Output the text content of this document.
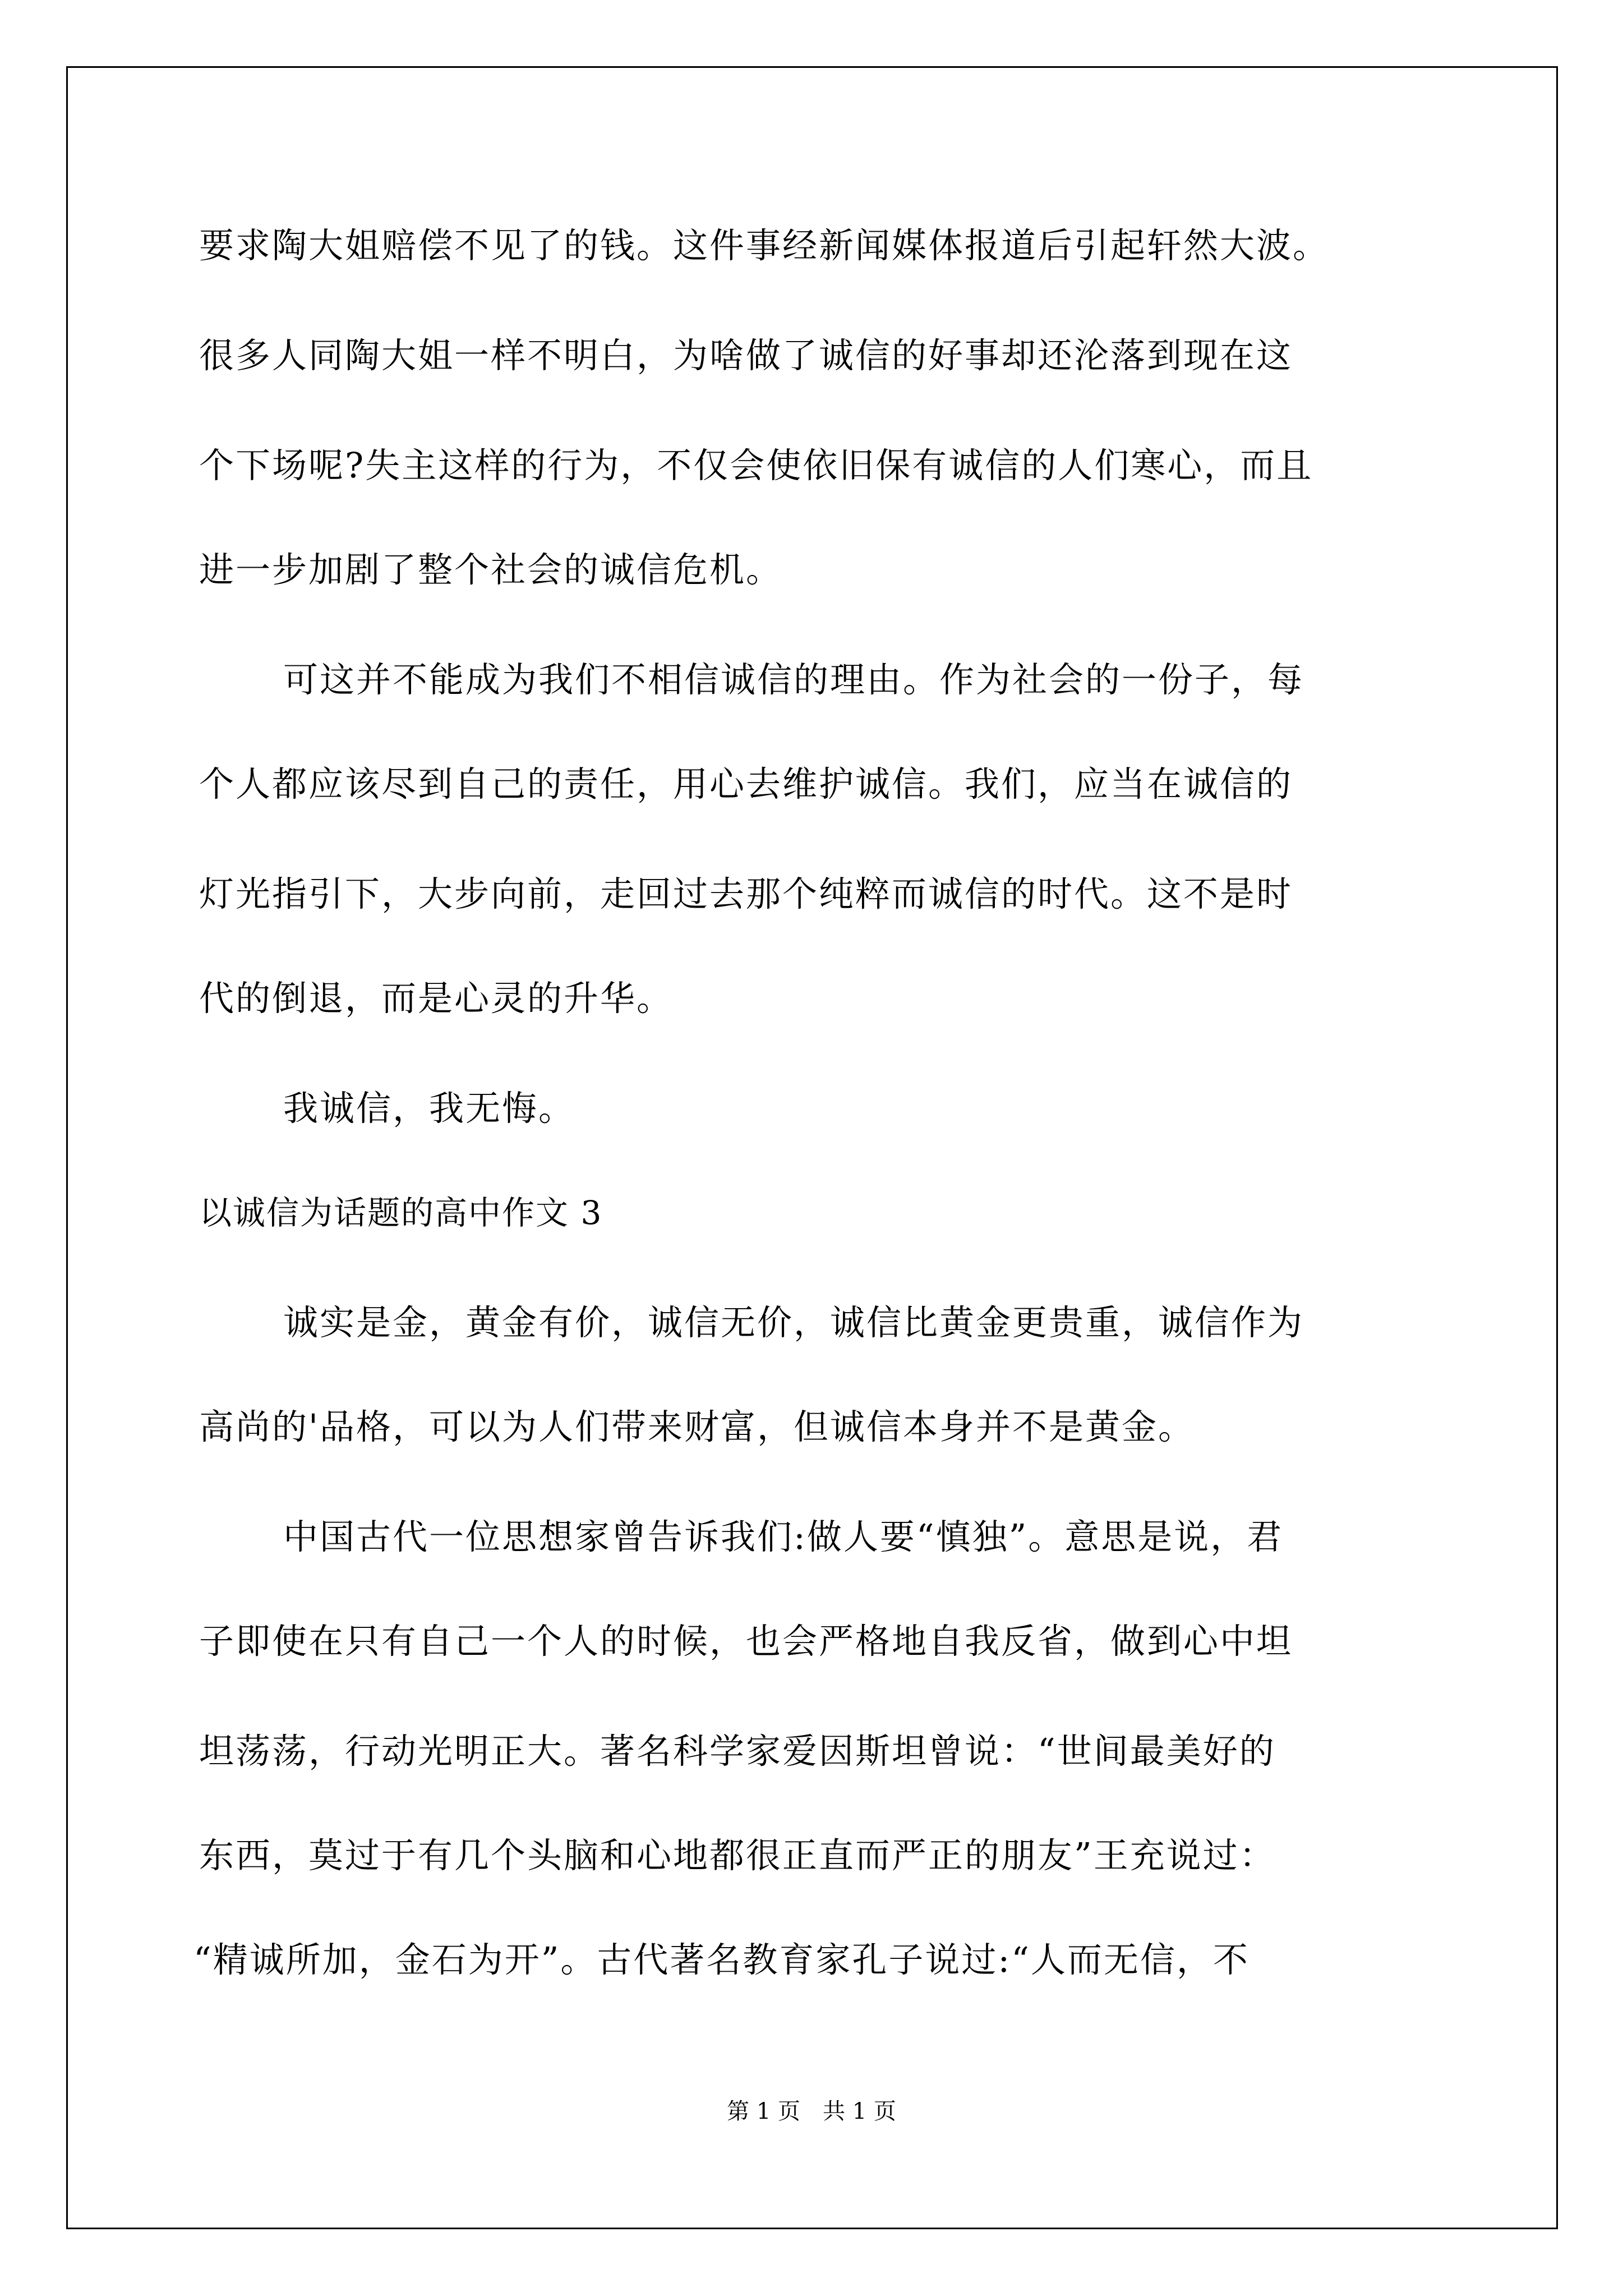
要求陶大姐赔偿不见了的钱。这件事经新闻媒体报道后引起轩然大波。
很多人同陶大姐一样不明白，为啥做了诚信的好事却还沦落到现在这
个下场呢?失主这样的行为，不仅会使依旧保有诚信的人们寒心，而且
进一步加剧了整个社会的诚信危机。
可这并不能成为我们不相信诚信的理由。作为社会的一份子，每
个人都应该尽到自己的责任，用心去维护诚信。我们，应当在诚信的
灯光指引下，大步向前，走回过去那个纯粹而诚信的时代。这不是时
代的倒退，而是心灵的升华。
我诚信，我无悔。
以诚信为话题的高中作文 3
诚实是金，黄金有价，诚信无价，诚信比黄金更贵重，诚信作为
高尚的'品格，可以为人们带来财富，但诚信本身并不是黄金。
中国古代一位思想家曾告诉我们:做人要“慎独”。意思是说，君
子即使在只有自己一个人的时候，也会严格地自我反省，做到心中坦
坦荡荡，行动光明正大。著名科学家爱因斯坦曾说：“世间最美好的
东西，莫过于有几个头脑和心地都很正直而严正的朋友”王充说过：
“精诚所加，金石为开”。古代著名教育家孔子说过:“人而无信，不
第 1 页 共 1 页
